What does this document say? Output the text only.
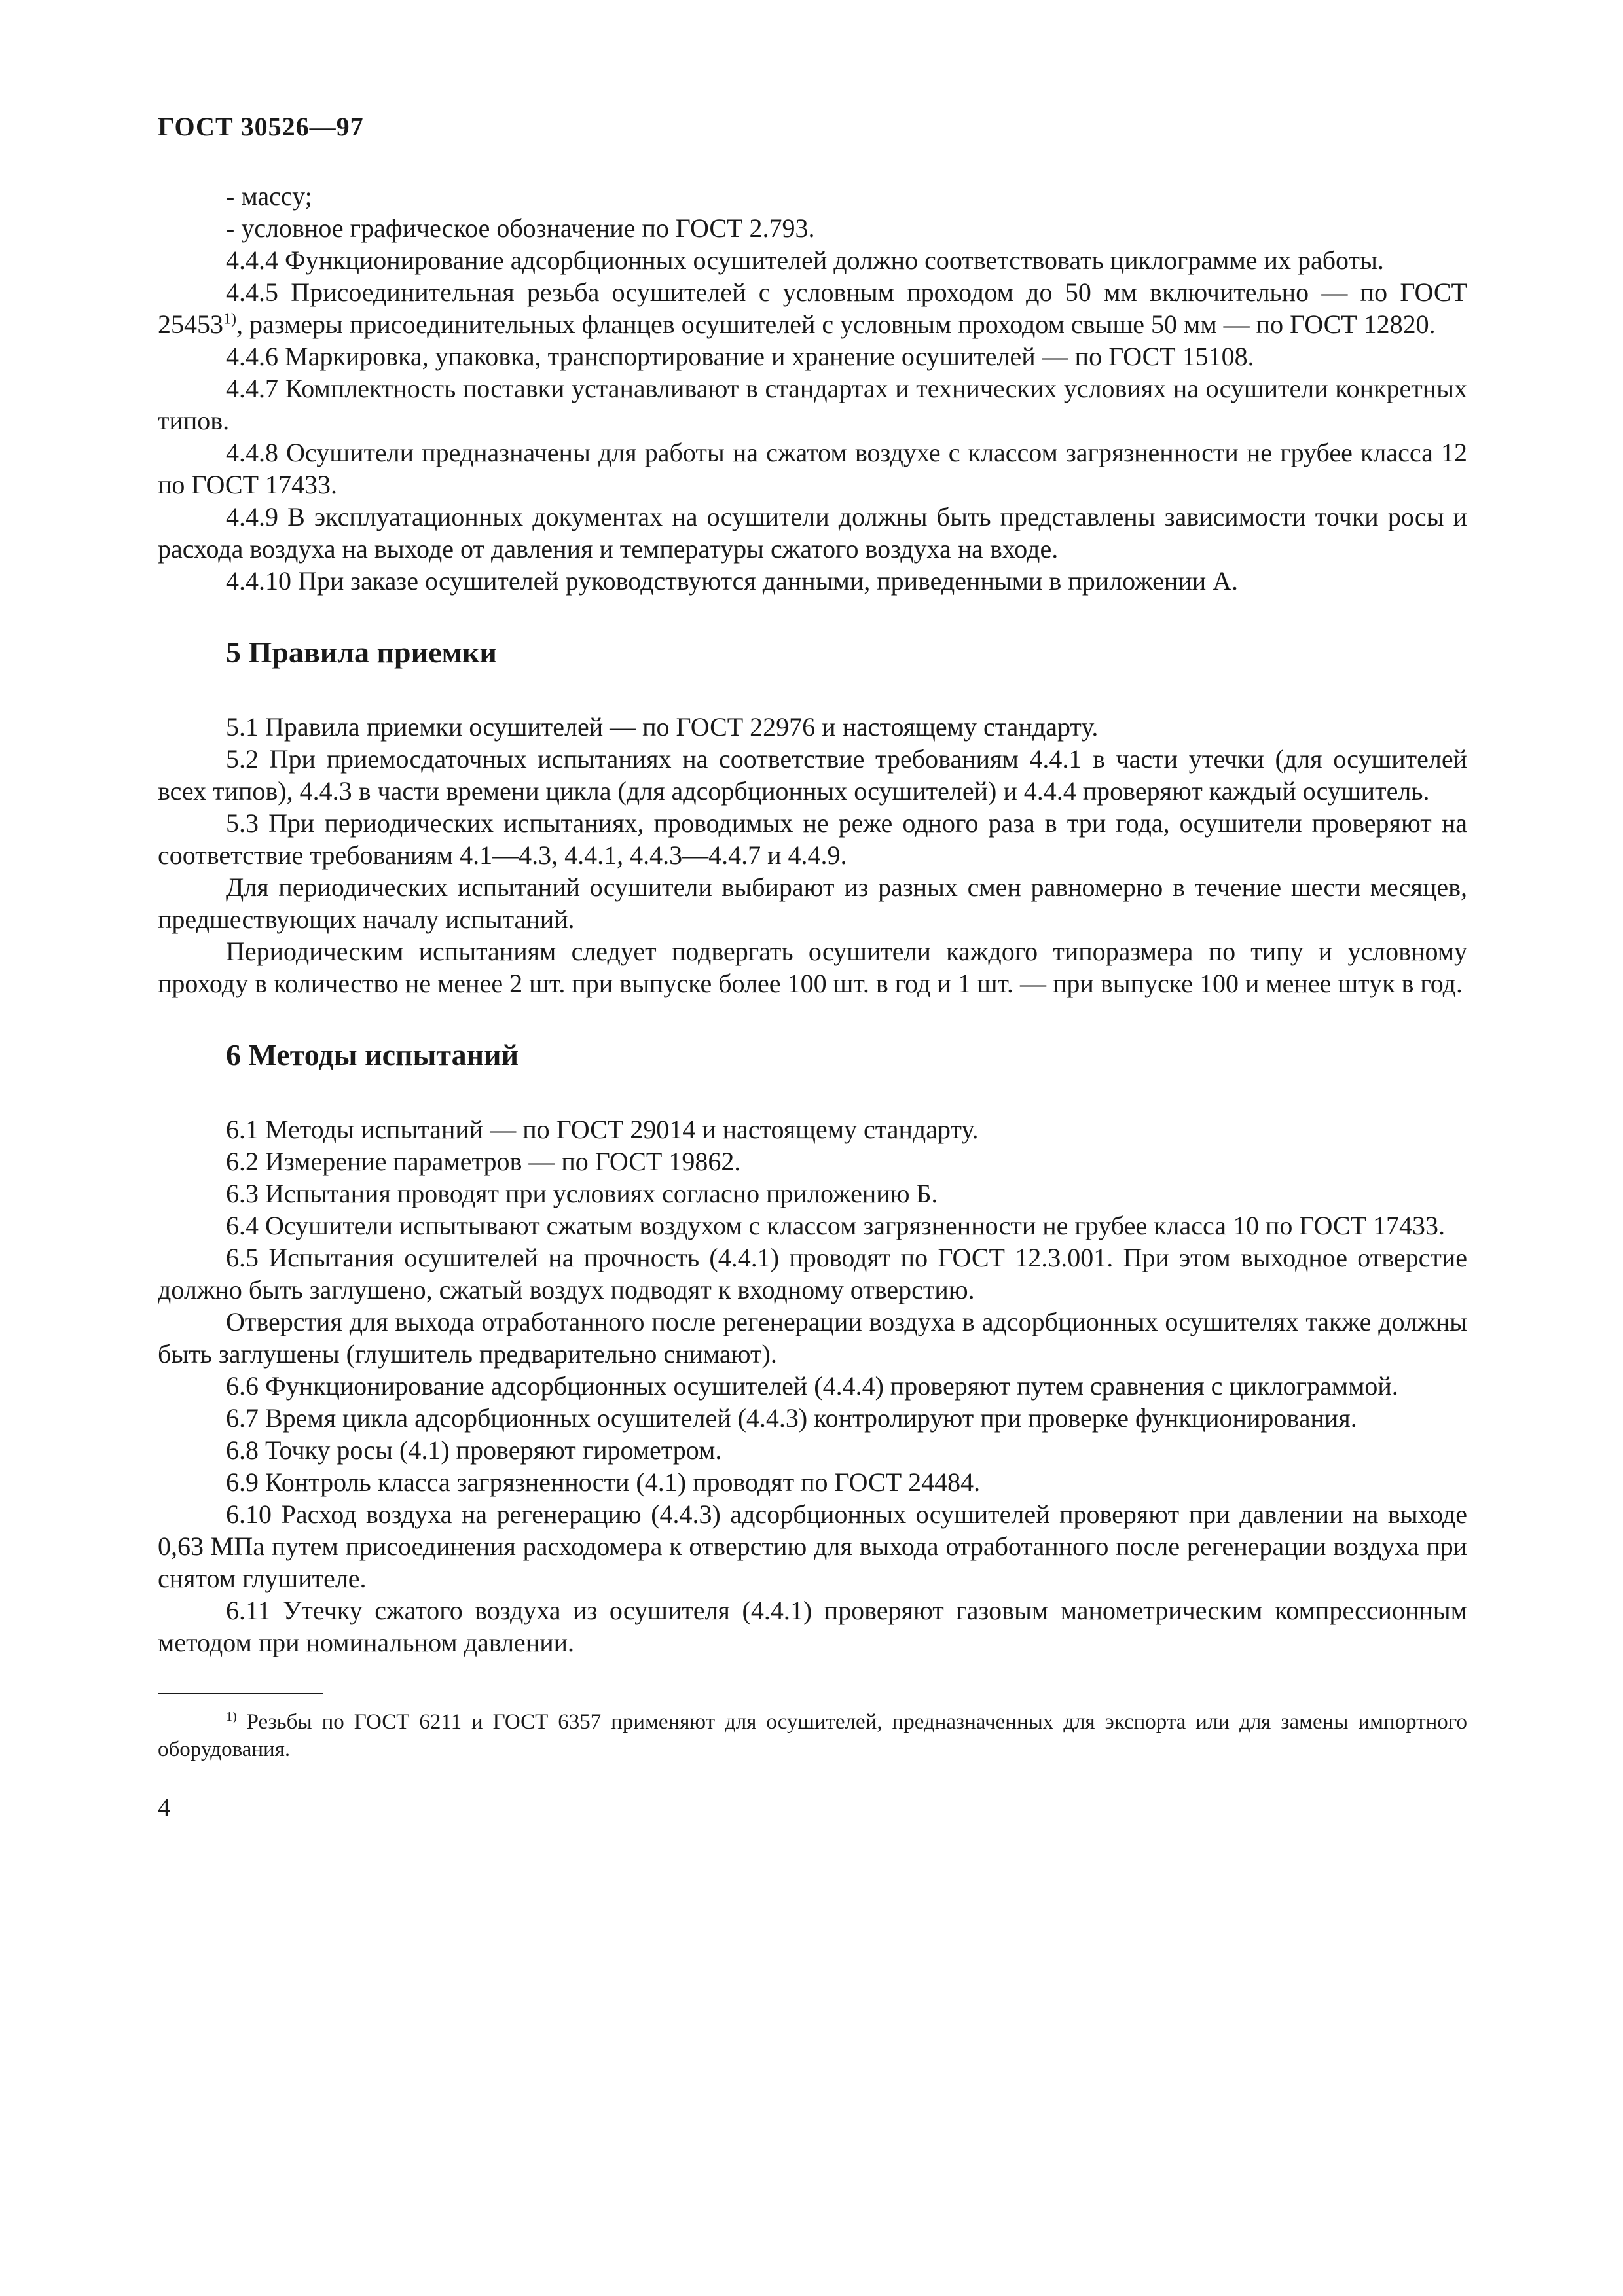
ГОСТ 30526—97

- массу;

- условное графическое обозначение по ГОСТ 2.793.

4.4.4 Функционирование адсорбционных осушителей должно соответствовать циклограмме их работы.

4.4.5 Присоединительная резьба осушителей с условным проходом до 50 мм включительно — по ГОСТ 25453$^{1)}$, размеры присоединительных фланцев осушителей с условным проходом свыше 50 мм — по ГОСТ 12820.

4.4.6 Маркировка, упаковка, транспортирование и хранение осушителей — по ГОСТ 15108.

4.4.7 Комплектность поставки устанавливают в стандартах и технических условиях на осушители конкретных типов.

4.4.8 Осушители предназначены для работы на сжатом воздухе с классом загрязненности не грубее класса 12 по ГОСТ 17433.

4.4.9 В эксплуатационных документах на осушители должны быть представлены зависимости точки росы и расхода воздуха на выходе от давления и температуры сжатого воздуха на входе.

4.4.10 При заказе осушителей руководствуются данными, приведенными в приложении А.

5 Правила приемки

5.1 Правила приемки осушителей — по ГОСТ 22976 и настоящему стандарту.

5.2 При приемосдаточных испытаниях на соответствие требованиям 4.4.1 в части утечки (для осушителей всех типов), 4.4.3 в части времени цикла (для адсорбционных осушителей) и 4.4.4 проверяют каждый осушитель.

5.3 При периодических испытаниях, проводимых не реже одного раза в три года, осушители проверяют на соответствие требованиям 4.1—4.3, 4.4.1, 4.4.3—4.4.7 и 4.4.9.

Для периодических испытаний осушители выбирают из разных смен равномерно в течение шести месяцев, предшествующих началу испытаний.

Периодическим испытаниям следует подвергать осушители каждого типоразмера по типу и условному проходу в количество не менее 2 шт. при выпуске более 100 шт. в год и 1 шт. — при выпуске 100 и менее штук в год.

6 Методы испытаний

6.1 Методы испытаний — по ГОСТ 29014 и настоящему стандарту.

6.2 Измерение параметров — по ГОСТ 19862.

6.3 Испытания проводят при условиях согласно приложению Б.

6.4 Осушители испытывают сжатым воздухом с классом загрязненности не грубее класса 10 по ГОСТ 17433.

6.5 Испытания осушителей на прочность (4.4.1) проводят по ГОСТ 12.3.001. При этом выходное отверстие должно быть заглушено, сжатый воздух подводят к входному отверстию.

Отверстия для выхода отработанного после регенерации воздуха в адсорбционных осушителях также должны быть заглушены (глушитель предварительно снимают).

6.6 Функционирование адсорбционных осушителей (4.4.4) проверяют путем сравнения с циклограммой.

6.7 Время цикла адсорбционных осушителей (4.4.3) контролируют при проверке функционирования.

6.8 Точку росы (4.1) проверяют гирометром.

6.9 Контроль класса загрязненности (4.1) проводят по ГОСТ 24484.

6.10 Расход воздуха на регенерацию (4.4.3) адсорбционных осушителей проверяют при давлении на выходе 0,63 МПа путем присоединения расходомера к отверстию для выхода отработанного после регенерации воздуха при снятом глушителе.

6.11 Утечку сжатого воздуха из осушителя (4.4.1) проверяют газовым манометрическим компрессионным методом при номинальном давлении.

$^{1)}$ Резьбы по ГОСТ 6211 и ГОСТ 6357 применяют для осушителей, предназначенных для экспорта или для замены импортного оборудования.

4
